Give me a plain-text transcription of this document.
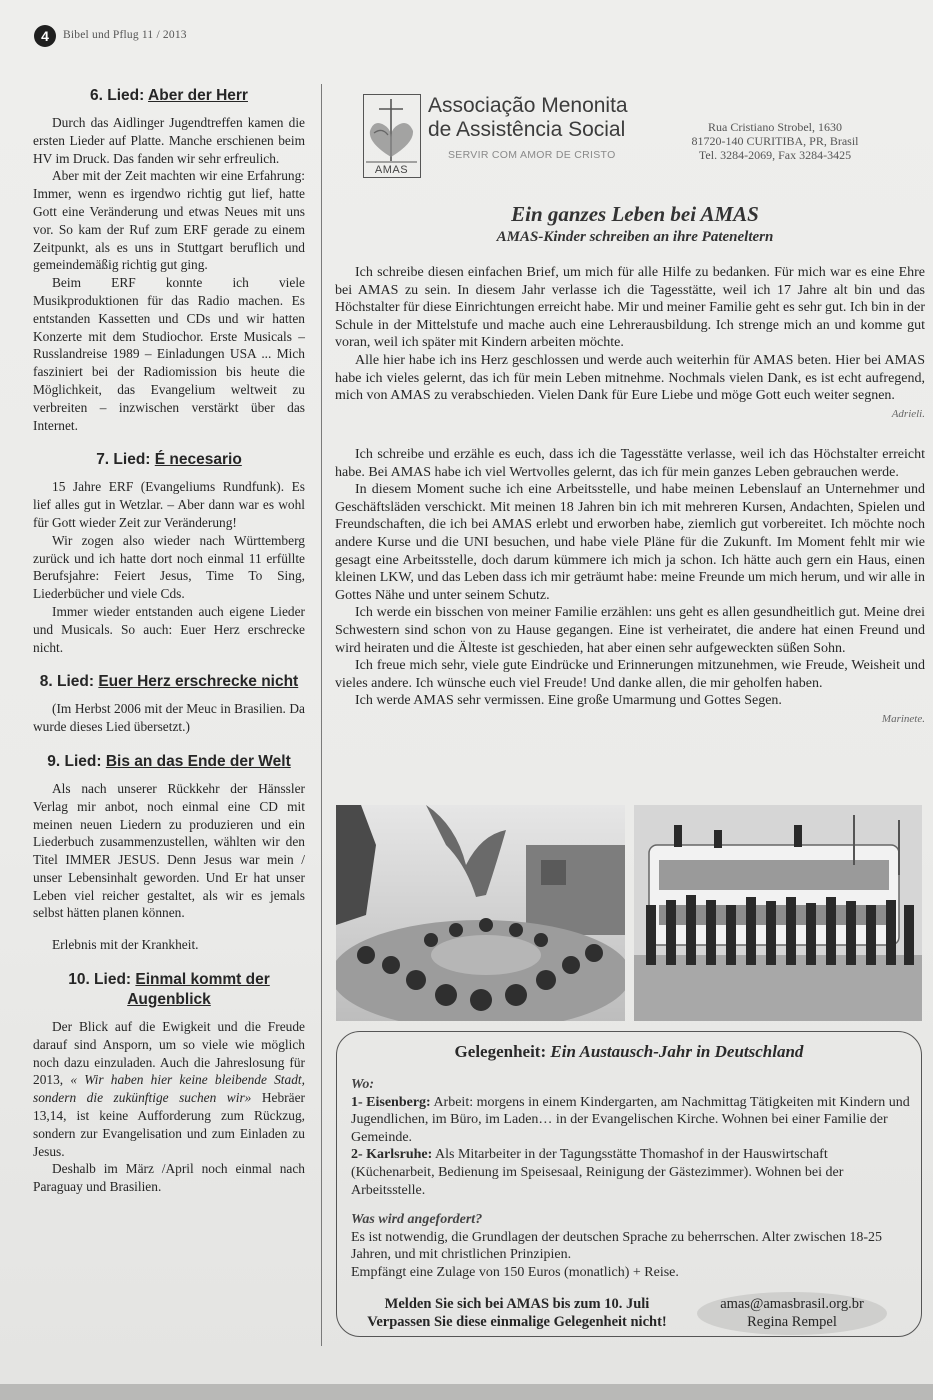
4	Bibel und Pflug 11 / 2013
6. Lied: Aber der Herr

Durch das Aidlinger Jugendtreffen kamen die ersten Lieder auf Platte. Manche erschienen beim HV im Druck. Das fanden wir sehr erfreulich.

Aber mit der Zeit machten wir eine Erfahrung: Immer, wenn es irgendwo richtig gut lief, hatte Gott eine Veränderung und etwas Neues mit uns vor. So kam der Ruf zum ERF gerade zu einem Zeitpunkt, als es uns in Stuttgart beruflich und gemeindemäßig richtig gut ging.

Beim ERF konnte ich viele Musikproduktionen für das Radio machen. Es entstanden Kassetten und CDs und wir hatten Konzerte mit dem Studiochor. Erste Musicals – Russlandreise 1989 – Einladungen USA ... Mich fasziniert bei der Radiomission bis heute die Möglichkeit, das Evangelium weltweit zu verbreiten – inzwischen verstärkt über das Internet.

7. Lied: É necesario

15 Jahre ERF (Evangeliums Rundfunk). Es lief alles gut in Wetzlar. – Aber dann war es wohl für Gott wieder Zeit zur Veränderung!

Wir zogen also wieder nach Württemberg zurück und ich hatte dort noch einmal 11 erfüllte Berufsjahre: Feiert Jesus, Time To Sing, Liederbücher und viele Cds.

Immer wieder entstanden auch eigene Lieder und Musicals. So auch: Euer Herz erschrecke nicht.

8. Lied: Euer Herz erschrecke nicht

(Im Herbst 2006 mit der Meuc in Brasilien. Da wurde dieses Lied übersetzt.)

9. Lied: Bis an das Ende der Welt

Als nach unserer Rückkehr der Hänssler Verlag mir anbot, noch einmal eine CD mit meinen neuen Liedern zu produzieren und ein Liederbuch zusammenzustellen, wählten wir den Titel IMMER JESUS. Denn Jesus war mein / unser Lebensinhalt geworden. Und Er hat unser Leben viel reicher gestaltet, als wir es jemals selbst hätten planen können.

Erlebnis mit der Krankheit.

10. Lied: Einmal kommt der Augenblick

Der Blick auf die Ewigkeit und die Freude darauf sind Ansporn, um so viele wie möglich noch dazu einzuladen. Auch die Jahreslosung für 2013, « Wir haben hier keine bleibende Stadt, sondern die zukünftige suchen wir» Hebräer 13,14, ist keine Aufforderung zum Rückzug, sondern zur Evangelisation und zum Einladen zu Jesus.

Deshalb im März /April noch einmal nach Paraguay und Brasilien.

AMAS
Associação Menonita
de Assistência Social
SERVIR COM AMOR DE CRISTO
Rua Cristiano Strobel, 1630
81720-140 CURITIBA, PR, Brasil
Tel. 3284-2069, Fax 3284-3425
Ein ganzes Leben bei AMAS
AMAS-Kinder schreiben an ihre Pateneltern

Ich schreibe diesen einfachen Brief, um mich für alle Hilfe zu bedanken. Für mich war es eine Ehre bei AMAS zu sein. In diesem Jahr verlasse ich die Tagesstätte, weil ich 17 Jahre alt bin und das Höchstalter für diese Einrichtungen erreicht habe. Mir und meiner Familie geht es sehr gut. Ich bin in der Schule in der Mittelstufe und mache auch eine Lehrerausbildung. Ich strenge mich an und komme gut voran, weil ich später mit Kindern arbeiten möchte.

Alle hier habe ich ins Herz geschlossen und werde auch weiterhin für AMAS beten. Hier bei AMAS habe ich vieles gelernt, das ich für mein Leben mitnehme. Nochmals vielen Dank, es ist echt aufregend, mich von AMAS zu verabschieden. Vielen Dank für Eure Liebe und möge Gott euch weiter segnen.

Adrieli.

Ich schreibe und erzähle es euch, dass ich die Tagesstätte verlasse, weil ich das Höchstalter erreicht habe. Bei AMAS habe ich viel Wertvolles gelernt, das ich für mein ganzes Leben gebrauchen werde.

In diesem Moment suche ich eine Arbeitsstelle, und habe meinen Lebenslauf an Unternehmer und Geschäftsläden verschickt. Mit meinen 18 Jahren bin ich mit mehreren Kursen, Andachten, Spielen und Freundschaften, die ich bei AMAS erlebt und erworben habe, ziemlich gut vorbereitet. Ich möchte noch andere Kurse und die UNI besuchen, und habe viele Pläne für die Zukunft. Im Moment fehlt mir wie gesagt eine Arbeitsstelle, doch darum kümmere ich mich ja schon. Ich hätte auch gern ein Haus, einen kleinen LKW, und das Leben dass ich mir geträumt habe: meine Freunde um mich herum, und wir alle in Gottes Nähe und unter seinem Schutz.

Ich werde ein bisschen von meiner Familie erzählen: uns geht es allen gesundheitlich gut. Meine drei Schwestern sind schon von zu Hause gegangen. Eine ist verheiratet, die andere hat einen Freund und wird heiraten und die Älteste ist geschieden, hat aber einen sehr aufgeweckten süßen Sohn.

Ich freue mich sehr, viele gute Eindrücke und Erinnerungen mitzunehmen, wie Freude, Weisheit und vieles andere. Ich wünsche euch viel Freude! Und danke allen, die mir geholfen haben.

Ich werde AMAS sehr vermissen. Eine große Umarmung und Gottes Segen.

Marinete.
Gelegenheit: Ein Austausch-Jahr in Deutschland
Wo:
1- Eisenberg: Arbeit: morgens in einem Kindergarten, am Nachmittag Tätigkeiten mit Kindern und Jugendlichen, im Büro, im Laden… in der Evangelischen Kirche. Wohnen bei einer Familie der Gemeinde.
2- Karlsruhe: Als Mitarbeiter in der Tagungsstätte Thomashof in der Hauswirtschaft (Küchenarbeit, Bedienung im Speisesaal, Reinigung der Gästezimmer). Wohnen bei der Arbeitsstelle.
Was wird angefordert?
Es ist notwendig, die Grundlagen der deutschen Sprache zu beherrschen. Alter zwischen 18-25 Jahren, und mit christlichen Prinzipien.
Empfängt eine Zulage von 150 Euros (monatlich) + Reise.
Melden Sie sich bei AMAS bis zum 10. Juli
Verpassen Sie diese einmalige Gelegenheit nicht!
amas@amasbrasil.org.br
Regina Rempel
